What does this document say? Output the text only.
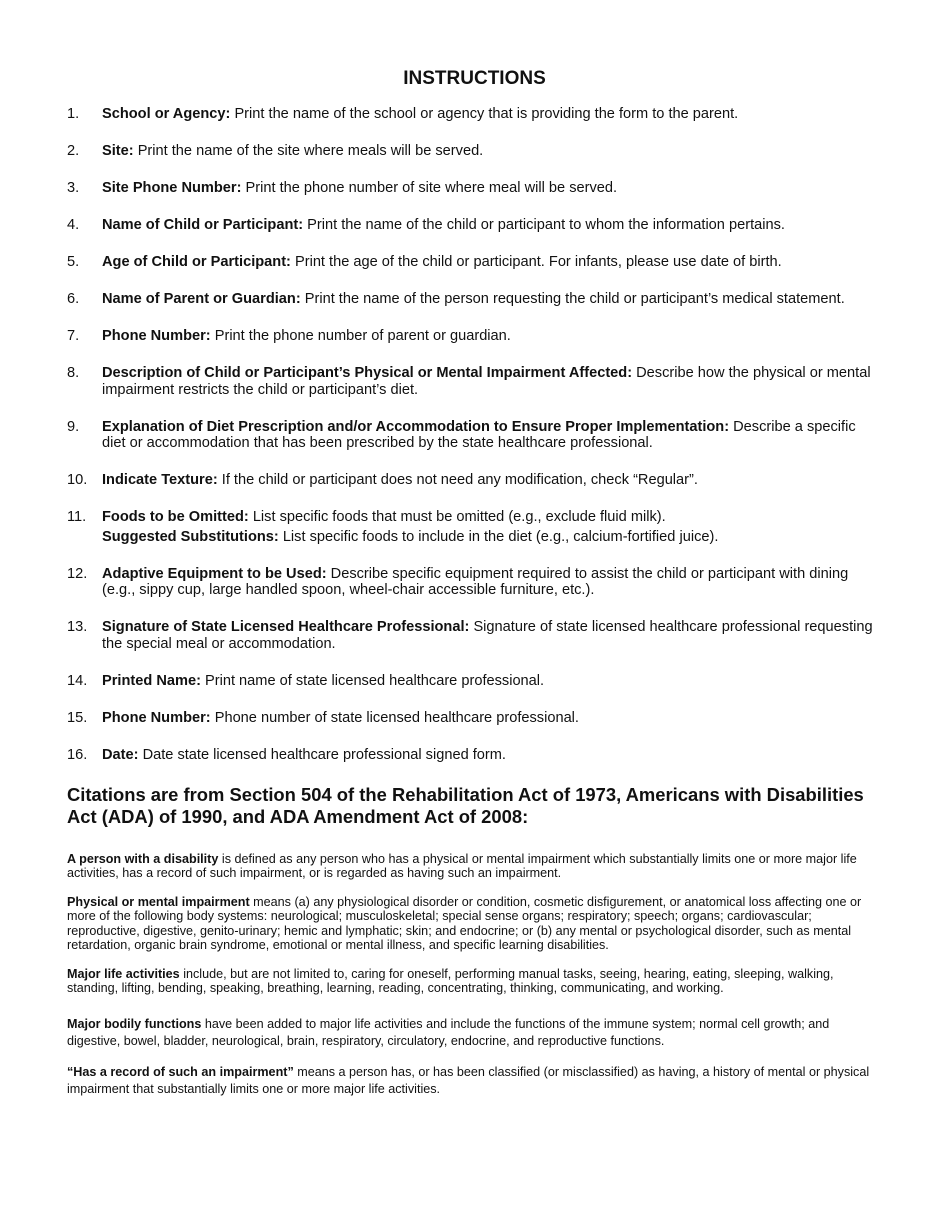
INSTRUCTIONS
1. School or Agency: Print the name of the school or agency that is providing the form to the parent.
2. Site: Print the name of the site where meals will be served.
3. Site Phone Number: Print the phone number of site where meal will be served.
4. Name of Child or Participant: Print the name of the child or participant to whom the information pertains.
5. Age of Child or Participant: Print the age of the child or participant. For infants, please use date of birth.
6. Name of Parent or Guardian: Print the name of the person requesting the child or participant’s medical statement.
7. Phone Number: Print the phone number of parent or guardian.
8. Description of Child or Participant’s Physical or Mental Impairment Affected: Describe how the physical or mental impairment restricts the child or participant’s diet.
9. Explanation of Diet Prescription and/or Accommodation to Ensure Proper Implementation: Describe a specific diet or accommodation that has been prescribed by the state healthcare professional.
10. Indicate Texture: If the child or participant does not need any modification, check “Regular”.
11. Foods to be Omitted: List specific foods that must be omitted (e.g., exclude fluid milk).
Suggested Substitutions: List specific foods to include in the diet (e.g., calcium-fortified juice).
12. Adaptive Equipment to be Used: Describe specific equipment required to assist the child or participant with dining (e.g., sippy cup, large handled spoon, wheel-chair accessible furniture, etc.).
13. Signature of State Licensed Healthcare Professional: Signature of state licensed healthcare professional requesting the special meal or accommodation.
14. Printed Name: Print name of state licensed healthcare professional.
15. Phone Number: Phone number of state licensed healthcare professional.
16. Date: Date state licensed healthcare professional signed form.
Citations are from Section 504 of the Rehabilitation Act of 1973, Americans with Disabilities Act (ADA) of 1990, and ADA Amendment Act of 2008:

A person with a disability is defined as any person who has a physical or mental impairment which substantially limits one or more major life activities, has a record of such impairment, or is regarded as having such an impairment.

Physical or mental impairment means (a) any physiological disorder or condition, cosmetic disfigurement, or anatomical loss affecting one or more of the following body systems: neurological; musculoskeletal; special sense organs; respiratory; speech; organs; cardiovascular; reproductive, digestive, genito-urinary; hemic and lymphatic; skin; and endocrine; or (b) any mental or psychological disorder, such as mental retardation, organic brain syndrome, emotional or mental illness, and specific learning disabilities.

Major life activities include, but are not limited to, caring for oneself, performing manual tasks, seeing, hearing, eating, sleeping, walking, standing, lifting, bending, speaking, breathing, learning, reading, concentrating, thinking, communicating, and working.

Major bodily functions have been added to major life activities and include the functions of the immune system; normal cell growth; and digestive, bowel, bladder, neurological, brain, respiratory, circulatory, endocrine, and reproductive functions.

“Has a record of such an impairment” means a person has, or has been classified (or misclassified) as having, a history of mental or physical impairment that substantially limits one or more major life activities.
